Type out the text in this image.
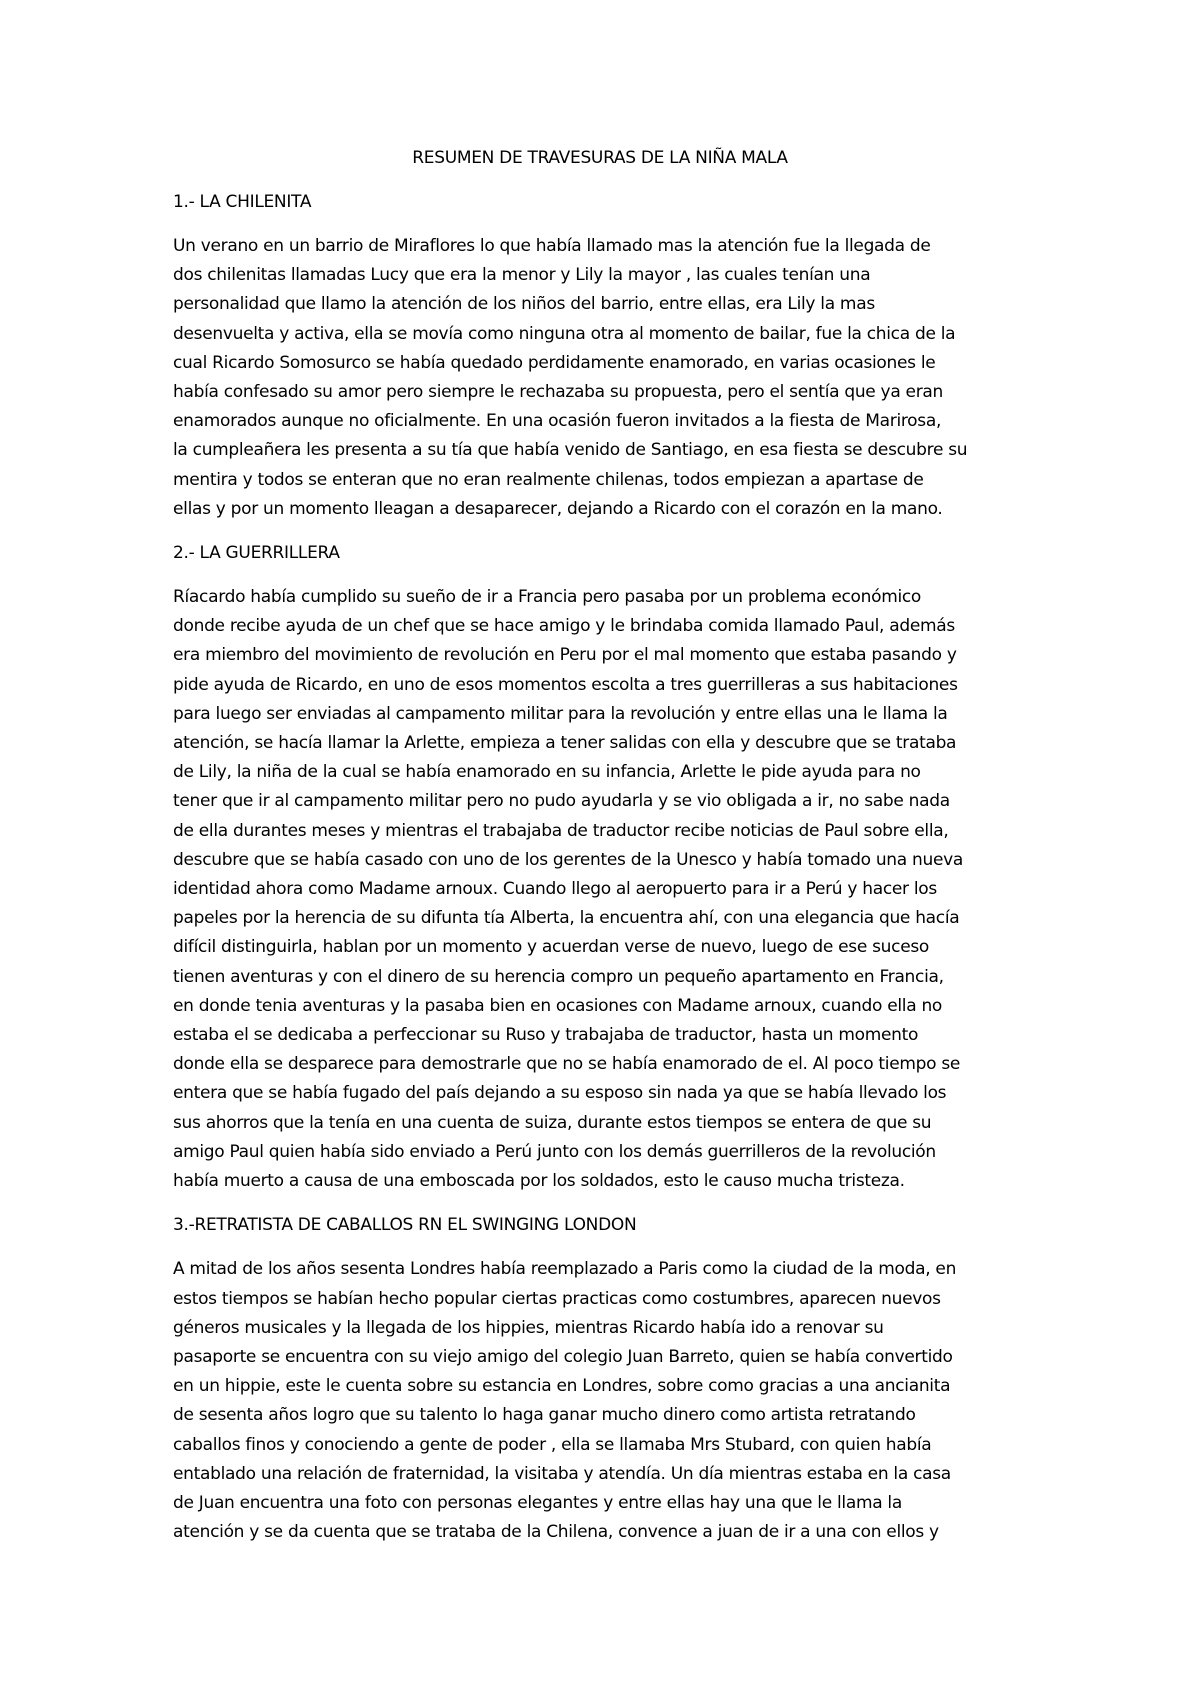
RESUMEN DE TRAVESURAS DE LA NIÑA MALA

1.- LA CHILENITA

Un verano en un barrio de Miraflores lo que había llamado mas la atención fue la llegada de
dos chilenitas llamadas Lucy que era la menor y Lily la mayor , las cuales tenían una
personalidad que llamo la atención de los niños del barrio, entre ellas, era Lily la mas
desenvuelta y activa, ella se movía como ninguna otra al momento de bailar, fue la chica de la
cual Ricardo Somosurco se había quedado perdidamente enamorado, en varias ocasiones le
había confesado su amor pero siempre le rechazaba su propuesta, pero el sentía que ya eran
enamorados aunque no oficialmente. En una ocasión fueron invitados a la fiesta de Marirosa,
la cumpleañera les presenta a su tía que había venido de Santiago, en esa fiesta se descubre su
mentira y todos se enteran que no eran realmente chilenas, todos empiezan a apartase de
ellas y por un momento lleagan a desaparecer, dejando a Ricardo con el corazón en la mano.

2.- LA GUERRILLERA

Ríacardo había cumplido su sueño de ir a Francia pero pasaba por un problema económico
donde recibe ayuda de un chef que se hace amigo y le brindaba comida llamado Paul, además
era miembro del movimiento de revolución en Peru por el mal momento que estaba pasando y
pide ayuda de Ricardo, en uno de esos momentos escolta a tres guerrilleras a sus habitaciones
para luego ser enviadas al campamento militar para la revolución y entre ellas una le llama la
atención, se hacía llamar la Arlette, empieza a tener salidas con ella y descubre que se trataba
de Lily, la niña de la cual se había enamorado en su infancia, Arlette le pide ayuda para no
tener que ir al campamento militar pero no pudo ayudarla y se vio obligada a ir, no sabe nada
de ella durantes meses y mientras el trabajaba de traductor recibe noticias de Paul sobre ella,
descubre que se había casado con uno de los gerentes de la Unesco y había tomado una nueva
identidad ahora como Madame arnoux. Cuando llego al aeropuerto para ir a Perú y hacer los
papeles por la herencia de su difunta tía Alberta, la encuentra ahí, con una elegancia que hacía
difícil distinguirla, hablan por un momento y acuerdan verse de nuevo, luego de ese suceso
tienen aventuras y con el dinero de su herencia compro un pequeño apartamento en Francia,
en donde tenia aventuras y la pasaba bien en ocasiones con Madame arnoux, cuando ella no
estaba el se dedicaba a perfeccionar su Ruso y trabajaba de traductor, hasta un momento
donde ella se desparece para demostrarle que no se había enamorado de el. Al poco tiempo se
entera que se había fugado del país dejando a su esposo sin nada ya que se había llevado los
sus ahorros que la tenía en una cuenta de suiza, durante estos tiempos se entera de que su
amigo Paul quien había sido enviado a Perú junto con los demás guerrilleros de la revolución
había muerto a causa de una emboscada por los soldados, esto le causo mucha tristeza.

3.-RETRATISTA DE CABALLOS RN EL SWINGING LONDON

A mitad de los años sesenta Londres había reemplazado a Paris como la ciudad de la moda, en
estos tiempos se habían hecho popular ciertas practicas como costumbres, aparecen nuevos
géneros musicales y la llegada de los hippies, mientras Ricardo había ido a renovar su
pasaporte se encuentra con su viejo amigo del colegio Juan Barreto, quien se había convertido
en un hippie, este le cuenta sobre su estancia en Londres, sobre como gracias a una ancianita
de sesenta años logro que su talento lo haga ganar mucho dinero como artista retratando
caballos finos y conociendo a gente de poder , ella se llamaba Mrs Stubard, con quien había
entablado una relación de fraternidad, la visitaba y atendía. Un día mientras estaba en la casa
de Juan encuentra una foto con personas elegantes y entre ellas hay una que le llama la
atención y se da cuenta que se trataba de la Chilena, convence a juan de ir a una con ellos y
